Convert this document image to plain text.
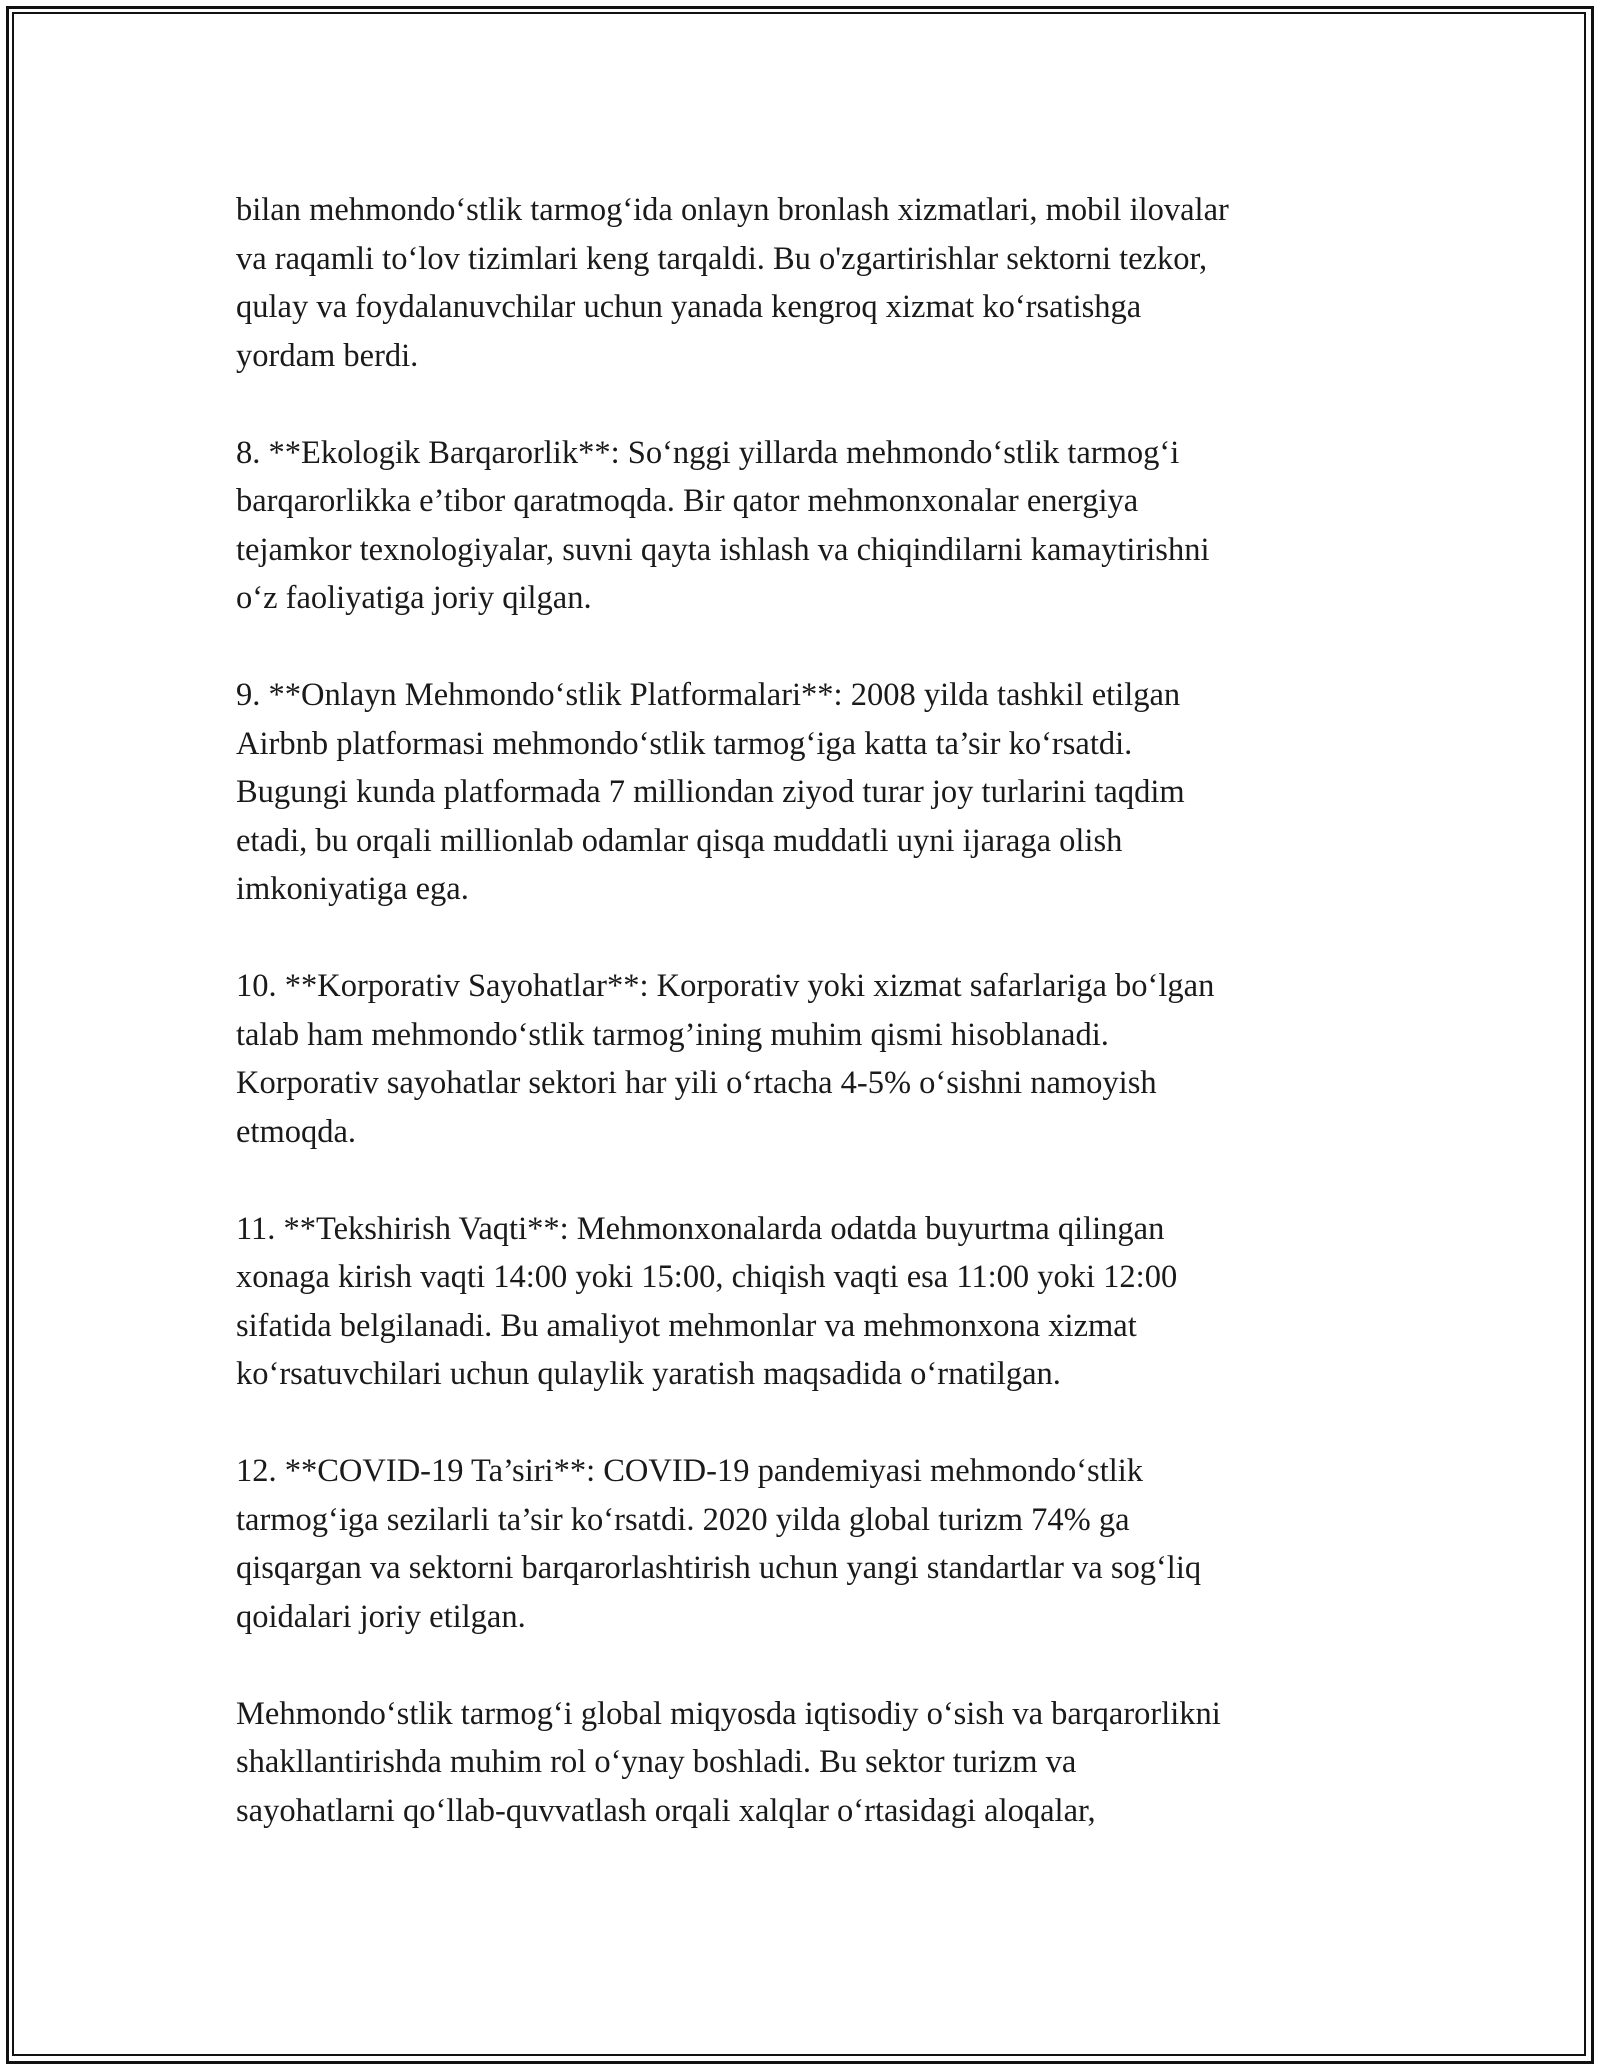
bilan mehmondo‘stlik tarmog‘ida onlayn bronlash xizmatlari, mobil ilovalar
va raqamli to‘lov tizimlari keng tarqaldi. Bu o'zgartirishlar sektorni tezkor,
qulay va foydalanuvchilar uchun yanada kengroq xizmat ko‘rsatishga
yordam berdi.

8. **Ekologik Barqarorlik**: So‘nggi yillarda mehmondo‘stlik tarmog‘i
barqarorlikka e’tibor qaratmoqda. Bir qator mehmonxonalar energiya
tejamkor texnologiyalar, suvni qayta ishlash va chiqindilarni kamaytirishni
o‘z faoliyatiga joriy qilgan.

9. **Onlayn Mehmondo‘stlik Platformalari**: 2008 yilda tashkil etilgan
Airbnb platformasi mehmondo‘stlik tarmog‘iga katta ta’sir ko‘rsatdi.
Bugungi kunda platformada 7 milliondan ziyod turar joy turlarini taqdim
etadi, bu orqali millionlab odamlar qisqa muddatli uyni ijaraga olish
imkoniyatiga ega.

10. **Korporativ Sayohatlar**: Korporativ yoki xizmat safarlariga bo‘lgan
talab ham mehmondo‘stlik tarmog’ining muhim qismi hisoblanadi.
Korporativ sayohatlar sektori har yili o‘rtacha 4-5% o‘sishni namoyish
etmoqda.

11. **Tekshirish Vaqti**: Mehmonxonalarda odatda buyurtma qilingan
xonaga kirish vaqti 14:00 yoki 15:00, chiqish vaqti esa 11:00 yoki 12:00
sifatida belgilanadi. Bu amaliyot mehmonlar va mehmonxona xizmat
ko‘rsatuvchilari uchun qulaylik yaratish maqsadida o‘rnatilgan.

12. **COVID-19 Ta’siri**: COVID-19 pandemiyasi mehmondo‘stlik
tarmog‘iga sezilarli ta’sir ko‘rsatdi. 2020 yilda global turizm 74% ga
qisqargan va sektorni barqarorlashtirish uchun yangi standartlar va sog‘liq
qoidalari joriy etilgan.

Mehmondo‘stlik tarmog‘i global miqyosda iqtisodiy o‘sish va barqarorlikni
shakllantirishda muhim rol o‘ynay boshladi. Bu sektor turizm va
sayohatlarni qo‘llab-quvvatlash orqali xalqlar o‘rtasidagi aloqalar,
